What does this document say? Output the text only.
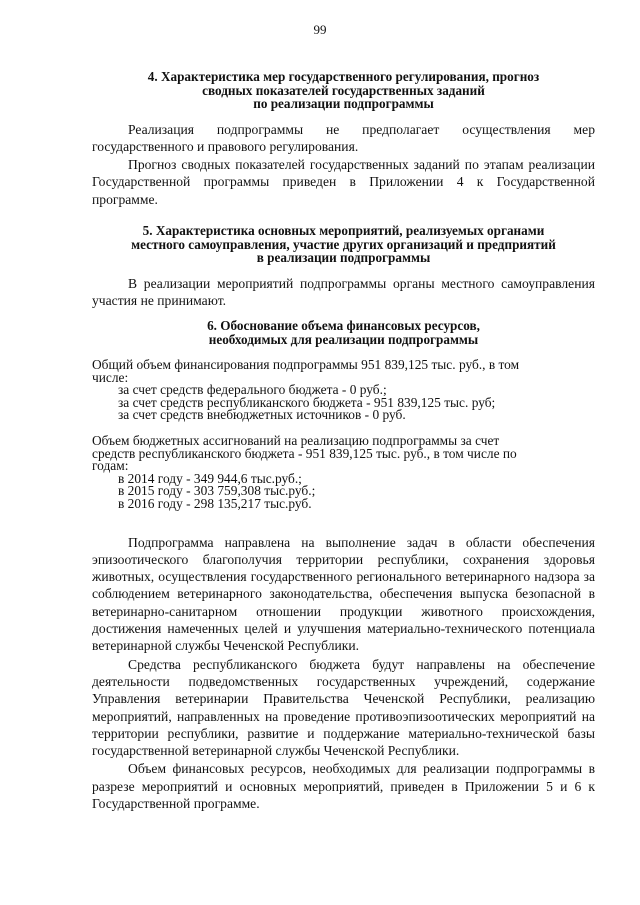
99

4. Характеристика мер государственного регулирования, прогноз

сводных показателей государственных заданий

по реализации подпрограммы

Реализация подпрограммы не предполагает осуществления мер государственного и правового регулирования.

Прогноз сводных показателей государственных заданий по этапам реализации Государственной программы приведен в Приложении 4 к Государственной программе.

5. Характеристика основных мероприятий, реализуемых органами

местного самоуправления, участие других организаций и предприятий

в реализации подпрограммы

В реализации мероприятий подпрограммы органы местного самоуправления участия не принимают.

6. Обоснование объема финансовых ресурсов,

необходимых для реализации подпрограммы

Общий объем финансирования подпрограммы 951 839,125 тыс. руб., в том

числе:

за счет средств федерального бюджета - 0 руб.;

за счет средств республиканского бюджета - 951 839,125 тыс. руб;

за счет средств внебюджетных источников - 0 руб.

Объем бюджетных ассигнований на реализацию подпрограммы за счет

средств республиканского бюджета - 951 839,125 тыс. руб., в том числе по

годам:

в 2014 году - 349 944,6 тыс.руб.;

в 2015 году - 303 759,308 тыс.руб.;

в 2016 году - 298 135,217 тыс.руб.

Подпрограмма направлена на выполнение задач в области обеспечения эпизоотического благополучия территории республики, сохранения здоровья животных, осуществления государственного регионального ветеринарного надзора за соблюдением ветеринарного законодательства, обеспечения выпуска безопасной в ветеринарно-санитарном отношении продукции животного происхождения, достижения намеченных целей и улучшения материально-технического потенциала ветеринарной службы Чеченской Республики.

Средства республиканского бюджета будут направлены на обеспечение деятельности подведомственных государственных учреждений, содержание Управления ветеринарии Правительства Чеченской Республики, реализацию мероприятий, направленных на проведение противоэпизоотических мероприятий на территории республики, развитие и поддержание материально-технической базы государственной ветеринарной службы Чеченской Республики.

Объем финансовых ресурсов, необходимых для реализации подпрограммы в разрезе мероприятий и основных мероприятий, приведен в Приложении 5 и 6 к Государственной программе.
